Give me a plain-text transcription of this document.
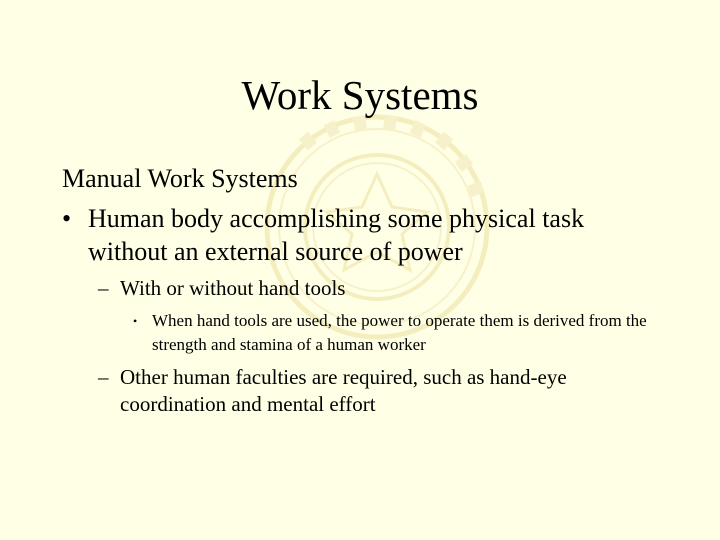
Work Systems
Manual Work Systems
• Human body accomplishing some physical task without an external source of power
– With or without hand tools
• When hand tools are used, the power to operate them is derived from the strength and stamina of a human worker
– Other human faculties are required, such as hand-eye coordination and mental effort
